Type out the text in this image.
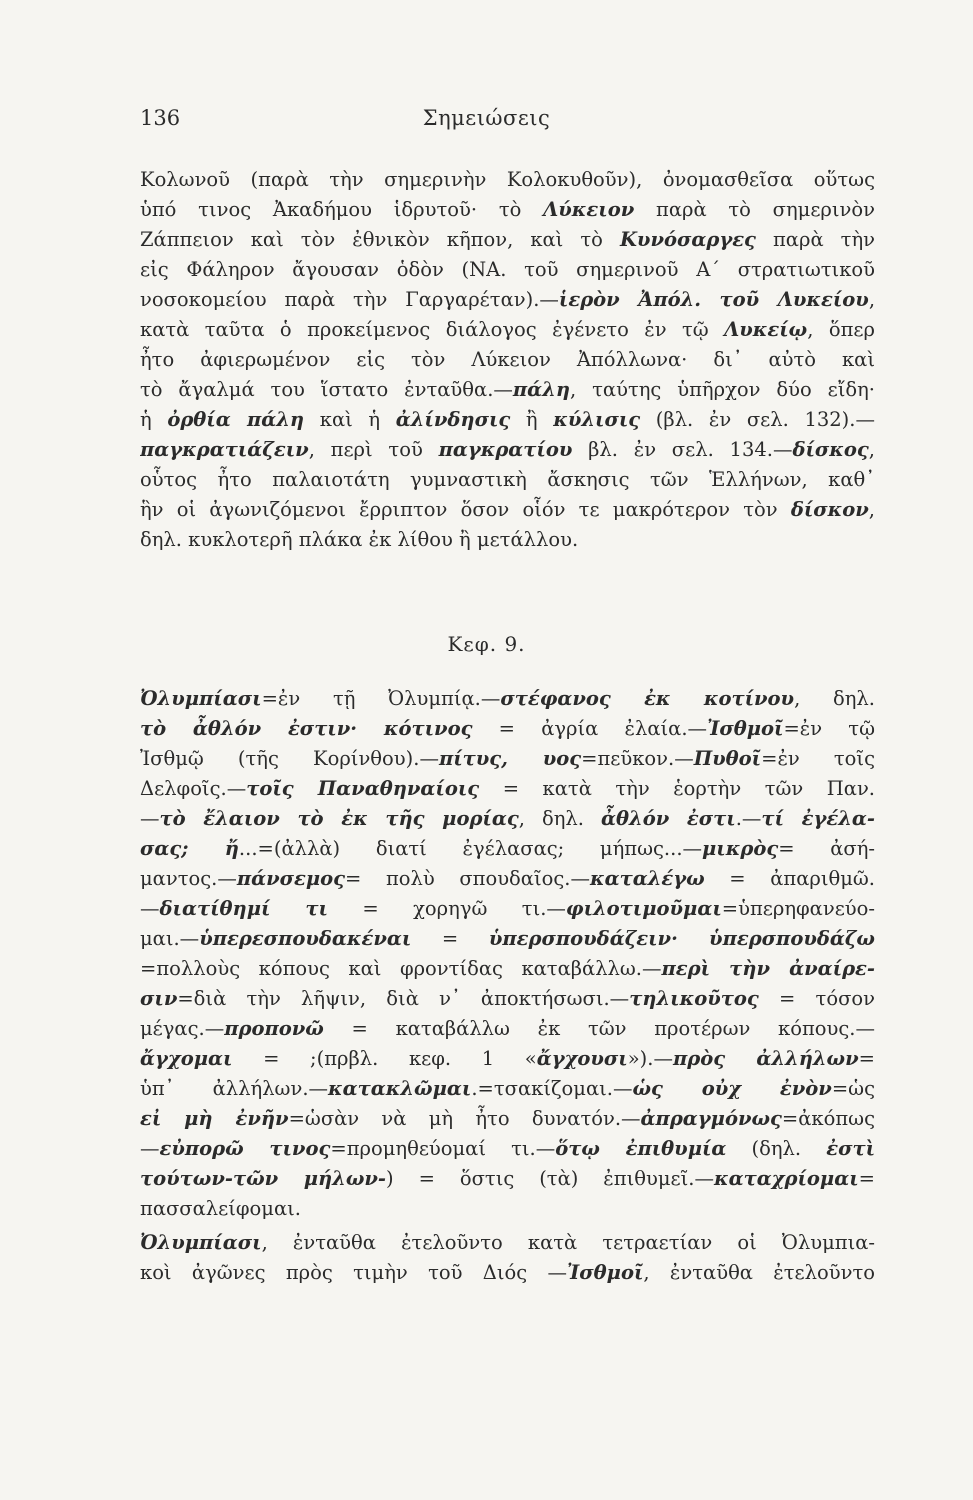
136	Σημειώσεις
Κολωνοῦ (παρὰ τὴν σημερινὴν Κολοκυθοῦν), ὀνομασθεῖσα οὕτως
ὑπό τινος Ἀκαδήμου ἱδρυτοῦ· τὸ Λύκειον παρὰ τὸ σημερινὸν
Ζάππειον καὶ τὸν ἐθνικὸν κῆπον, καὶ τὸ Κυνόσαργες παρὰ τὴν
εἰς Φάληρον ἄγουσαν ὁδὸν (ΝΑ. τοῦ σημερινοῦ Α΄ στρατιωτικοῦ
νοσοκομείου παρὰ τὴν Γαργαρέταν).—ἱερὸν Ἀπόλ. τοῦ Λυκείου,
κατὰ ταῦτα ὁ προκείμενος διάλογος ἐγένετο ἐν τῷ Λυκείῳ, ὅπερ
ἦτο ἀφιερωμένον εἰς τὸν Λύκειον Ἀπόλλωνα· δι᾽ αὐτὸ καὶ
τὸ ἄγαλμά του ἵστατο ἐνταῦθα.—πάλη, ταύτης ὑπῆρχον δύο εἴδη·
ἡ ὀρθία πάλη καὶ ἡ ἀλίνδησις ἢ κύλισις (βλ. ἐν σελ. 132).—
παγκρατιάζειν, περὶ τοῦ παγκρατίου βλ. ἐν σελ. 134.—δίσκος,
οὗτος ἦτο παλαιοτάτη γυμναστικὴ ἄσκησις τῶν Ἑλλήνων, καθ᾽
ἣν οἱ ἀγωνιζόμενοι ἔρριπτον ὅσον οἷόν τε μακρότερον τὸν δίσκον,
δηλ. κυκλοτερῆ πλάκα ἐκ λίθου ἢ μετάλλου.
Κεφ. 9.
Ὀλυμπίασι=ἐν τῇ Ὀλυμπίᾳ.—στέφανος ἐκ κοτίνου, δηλ.
τὸ ἆθλόν ἐστιν· κότινος = ἀγρία ἐλαία.—Ἰσθμοῖ=ἐν τῷ
Ἰσθμῷ (τῆς Κορίνθου).—πίτυς, υος=πεῦκον.—Πυθοῖ=ἐν τοῖς
Δελφοῖς.—τοῖς Παναθηναίοις = κατὰ τὴν ἑορτὴν τῶν Παν.
—τὸ ἔλαιον τὸ ἐκ τῆς μορίας, δηλ. ἆθλόν ἐστι.—τί ἐγέλα-
σας; ἤ...=(ἀλλὰ) διατί ἐγέλασας; μήπως...—μικρὸς= ἀσή-
μαντος.—πάνσεμος= πολὺ σπουδαῖος.—καταλέγω = ἀπαριθμῶ.
—διατίθημί τι = χορηγῶ τι.—φιλοτιμοῦμαι=ὑπερηφανεύο-
μαι.—ὑπερεσπουδακέναι = ὑπερσπουδάζειν· ὑπερσπουδάζω
=πολλοὺς κόπους καὶ φροντίδας καταβάλλω.—περὶ τὴν ἀναίρε-
σιν=διὰ τὴν λῆψιν, διὰ ν᾽ ἀποκτήσωσι.—τηλικοῦτος = τόσον
μέγας.—προπονῶ = καταβάλλω ἐκ τῶν προτέρων κόπους.—
ἄγχομαι = ;(πρβλ. κεφ. 1 «ἄγχουσι»).—πρὸς ἀλλήλων=
ὑπ᾽ ἀλλήλων.—κατακλῶμαι.=τσακίζομαι.—ὡς οὐχ ἐνὸν=ὡς
εἰ μὴ ἐνῆν=ὡσὰν νὰ μὴ ἦτο δυνατόν.—ἀπραγμόνως=ἀκόπως
—εὐπορῶ τινος=προμηθεύομαί τι.—ὅτῳ ἐπιθυμία (δηλ. ἐστὶ
τούτων-τῶν μήλων-) = ὅστις (τὰ) ἐπιθυμεῖ.—καταχρίομαι=
πασσαλείφομαι.
Ὀλυμπίασι, ἐνταῦθα ἐτελοῦντο κατὰ τετραετίαν οἱ Ὀλυμπια-
κοὶ ἀγῶνες πρὸς τιμὴν τοῦ Διός —Ἰσθμοῖ, ἐνταῦθα ἐτελοῦντο
